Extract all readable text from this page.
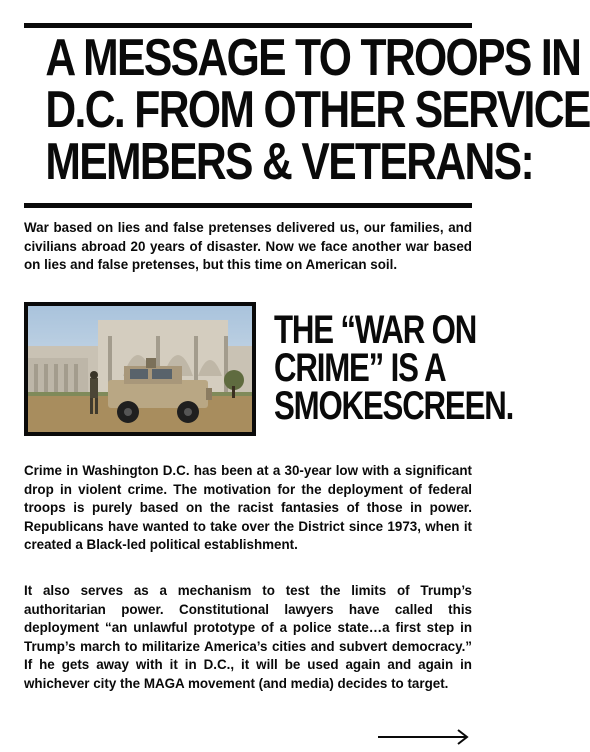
A MESSAGE TO TROOPS IN
D.C. FROM OTHER SERVICE
MEMBERS & VETERANS:

War based on lies and false pretenses delivered us, our families, and civilians abroad 20 years of disaster. Now we face another war based on lies and false pretenses, but this time on American soil.

THE “WAR ON
CRIME” IS A
SMOKESCREEN.

Crime in Washington D.C. has been at a 30-year low with a significant drop in violent crime. The motivation for the deployment of federal troops is purely based on the racist fantasies of those in power. Republicans have wanted to take over the District since 1973, when it created a Black-led political establishment.

It also serves as a mechanism to test the limits of Trump’s authoritarian power. Constitutional lawyers have called this deployment “an unlawful prototype of a police state…a first step in Trump’s march to militarize America’s cities and subvert democracy.” If he gets away with it in D.C., it will be used again and again in whichever city the MAGA movement (and media) decides to target.
